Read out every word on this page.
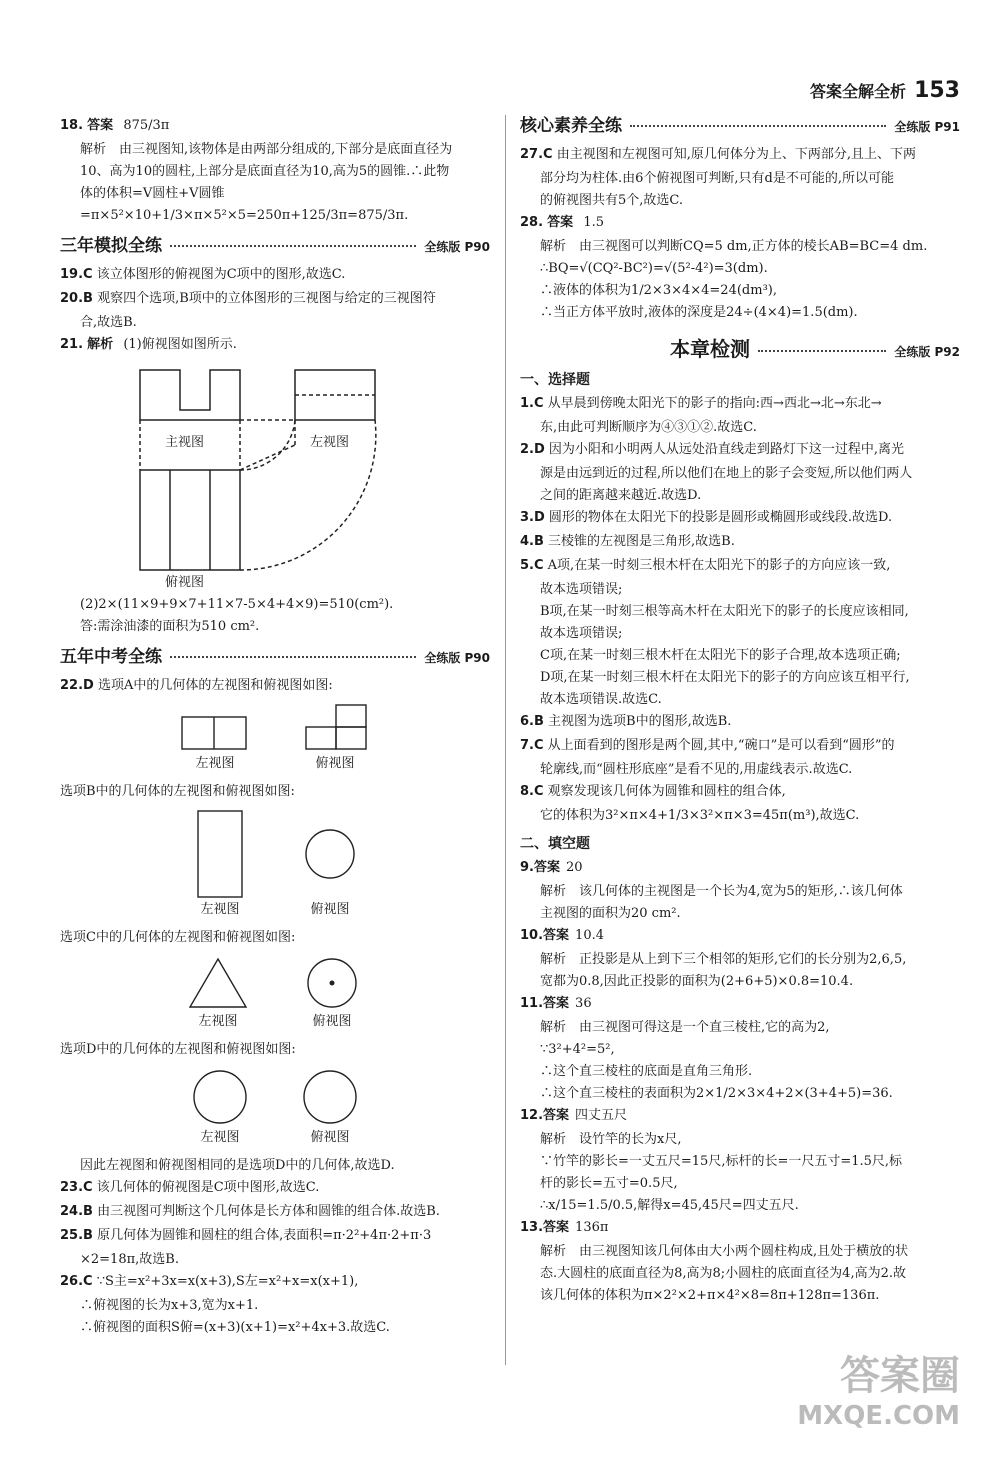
答案全解全析 153
18. 答案 875/3π
解析　由三视图知,该物体是由两部分组成的,下部分是底面直径为
10、高为10的圆柱,上部分是底面直径为10,高为5的圆锥.∴此物
体的体积=V圆柱+V圆锥=π×5²×10+1/3×π×5²×5=250π+125/3π=875/3π.
三年模拟全练	全练版 P90
19.C 该立体图形的俯视图为C项中的图形,故选C.
20.B 观察四个选项,B项中的立体图形的三视图与给定的三视图符
合,故选B.
21. 解析 (1)俯视图如图所示.
主视图	左视图
俯视图
(2)2×(11×9+9×7+11×7-5×4+4×9)=510(cm²).
答:需涂油漆的面积为510 cm².
五年中考全练	全练版 P90
22.D 选项A中的几何体的左视图和俯视图如图:
左视图	俯视图
选项B中的几何体的左视图和俯视图如图:
左视图	俯视图
选项C中的几何体的左视图和俯视图如图:
左视图	俯视图
选项D中的几何体的左视图和俯视图如图:
左视图	俯视图
因此左视图和俯视图相同的是选项D中的几何体,故选D.
23.C 该几何体的俯视图是C项中图形,故选C.
24.B 由三视图可判断这个几何体是长方体和圆锥的组合体.故选B.
25.B 原几何体为圆锥和圆柱的组合体,表面积=π·2²+4π·2+π·3
×2=18π,故选B.
26.C ∵S主=x²+3x=x(x+3),S左=x²+x=x(x+1),
∴俯视图的长为x+3,宽为x+1.
∴俯视图的面积S俯=(x+3)(x+1)=x²+4x+3.故选C.
核心素养全练	全练版 P91
27.C 由主视图和左视图可知,原几何体分为上、下两部分,且上、下两
部分均为柱体.由6个俯视图可判断,只有d是不可能的,所以可能
的俯视图共有5个,故选C.
28. 答案 1.5
解析　由三视图可以判断CQ=5 dm,正方体的棱长AB=BC=4 dm.
∴BQ=√(CQ²-BC²)=√(5²-4²)=3(dm).
∴液体的体积为1/2×3×4×4=24(dm³),
∴当正方体平放时,液体的深度是24÷(4×4)=1.5(dm).
本章检测	全练版 P92
一、选择题
1.C 从早晨到傍晚太阳光下的影子的指向:西→西北→北→东北→
东,由此可判断顺序为④③①②.故选C.
2.D 因为小阳和小明两人从远处沿直线走到路灯下这一过程中,离光
源是由远到近的过程,所以他们在地上的影子会变短,所以他们两人
之间的距离越来越近.故选D.
3.D 圆形的物体在太阳光下的投影是圆形或椭圆形或线段.故选D.
4.B 三棱锥的左视图是三角形,故选B.
5.C A项,在某一时刻三根木杆在太阳光下的影子的方向应该一致,
故本选项错误;
B项,在某一时刻三根等高木杆在太阳光下的影子的长度应该相同,
故本选项错误;
C项,在某一时刻三根木杆在太阳光下的影子合理,故本选项正确;
D项,在某一时刻三根木杆在太阳光下的影子的方向应该互相平行,
故本选项错误.故选C.
6.B 主视图为选项B中的图形,故选B.
7.C 从上面看到的图形是两个圆,其中,“碗口”是可以看到“圆形”的
轮廓线,而“圆柱形底座”是看不见的,用虚线表示.故选C.
8.C 观察发现该几何体为圆锥和圆柱的组合体,
它的体积为3²×π×4+1/3×3²×π×3=45π(m³),故选C.
二、填空题
9.答案 20
解析　该几何体的主视图是一个长为4,宽为5的矩形,∴该几何体
主视图的面积为20 cm².
10.答案 10.4
解析　正投影是从上到下三个相邻的矩形,它们的长分别为2,6,5,
宽都为0.8,因此正投影的面积为(2+6+5)×0.8=10.4.
11.答案 36
解析　由三视图可得这是一个直三棱柱,它的高为2,
∵3²+4²=5²,
∴这个直三棱柱的底面是直角三角形.
∴这个直三棱柱的表面积为2×1/2×3×4+2×(3+4+5)=36.
12.答案 四丈五尺
解析　设竹竿的长为x尺,
∵竹竿的影长=一丈五尺=15尺,标杆的长=一尺五寸=1.5尺,标
杆的影长=五寸=0.5尺,
∴x/15=1.5/0.5,解得x=45,45尺=四丈五尺.
13.答案 136π
解析　由三视图知该几何体由大小两个圆柱构成,且处于横放的状
态.大圆柱的底面直径为8,高为8;小圆柱的底面直径为4,高为2.故
该几何体的体积为π×2²×2+π×4²×8=8π+128π=136π.
答案圈
MXQE.COM
